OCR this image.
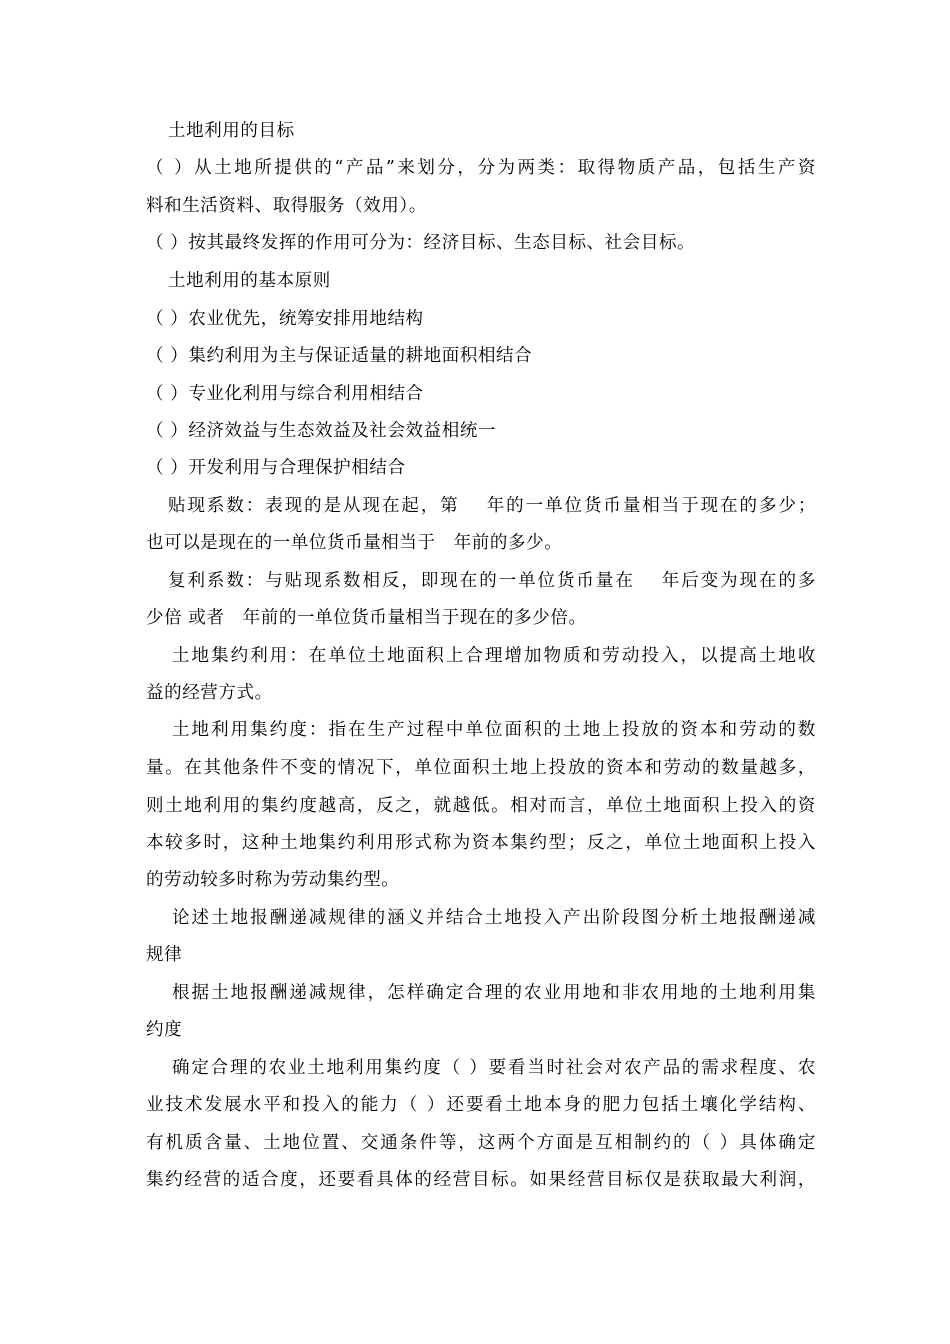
土地利用的目标
（ ）从土地所提供的“产品”来划分，分为两类：取得物质产品，包括生产资
料和生活资料、取得服务（效用）。
（ ）按其最终发挥的作用可分为：经济目标、生态目标、社会目标。
土地利用的基本原则
（ ）农业优先，统筹安排用地结构
（ ）集约利用为主与保证适量的耕地面积相结合
（ ）专业化利用与综合利用相结合
（ ）经济效益与生态效益及社会效益相统一
（ ）开发利用与合理保护相结合
贴现系数：表现的是从现在起，第　 年的一单位货币量相当于现在的多少；
也可以是现在的一单位货币量相当于　年前的多少。
复利系数：与贴现系数相反，即现在的一单位货币量在　 年后变为现在的多
少倍 或者　年前的一单位货币量相当于现在的多少倍。
土地集约利用：在单位土地面积上合理增加物质和劳动投入，以提高土地收
益的经营方式。
土地利用集约度：指在生产过程中单位面积的土地上投放的资本和劳动的数
量。在其他条件不变的情况下，单位面积土地上投放的资本和劳动的数量越多，
则土地利用的集约度越高，反之，就越低。相对而言，单位土地面积上投入的资
本较多时，这种土地集约利用形式称为资本集约型；反之，单位土地面积上投入
的劳动较多时称为劳动集约型。
论述土地报酬递减规律的涵义并结合土地投入产出阶段图分析土地报酬递减
规律
根据土地报酬递减规律，怎样确定合理的农业用地和非农用地的土地利用集
约度
确定合理的农业土地利用集约度（ ）要看当时社会对农产品的需求程度、农
业技术发展水平和投入的能力（ ）还要看土地本身的肥力包括土壤化学结构、
有机质含量、土地位置、交通条件等，这两个方面是互相制约的（ ）具体确定
集约经营的适合度，还要看具体的经营目标。如果经营目标仅是获取最大利润，
